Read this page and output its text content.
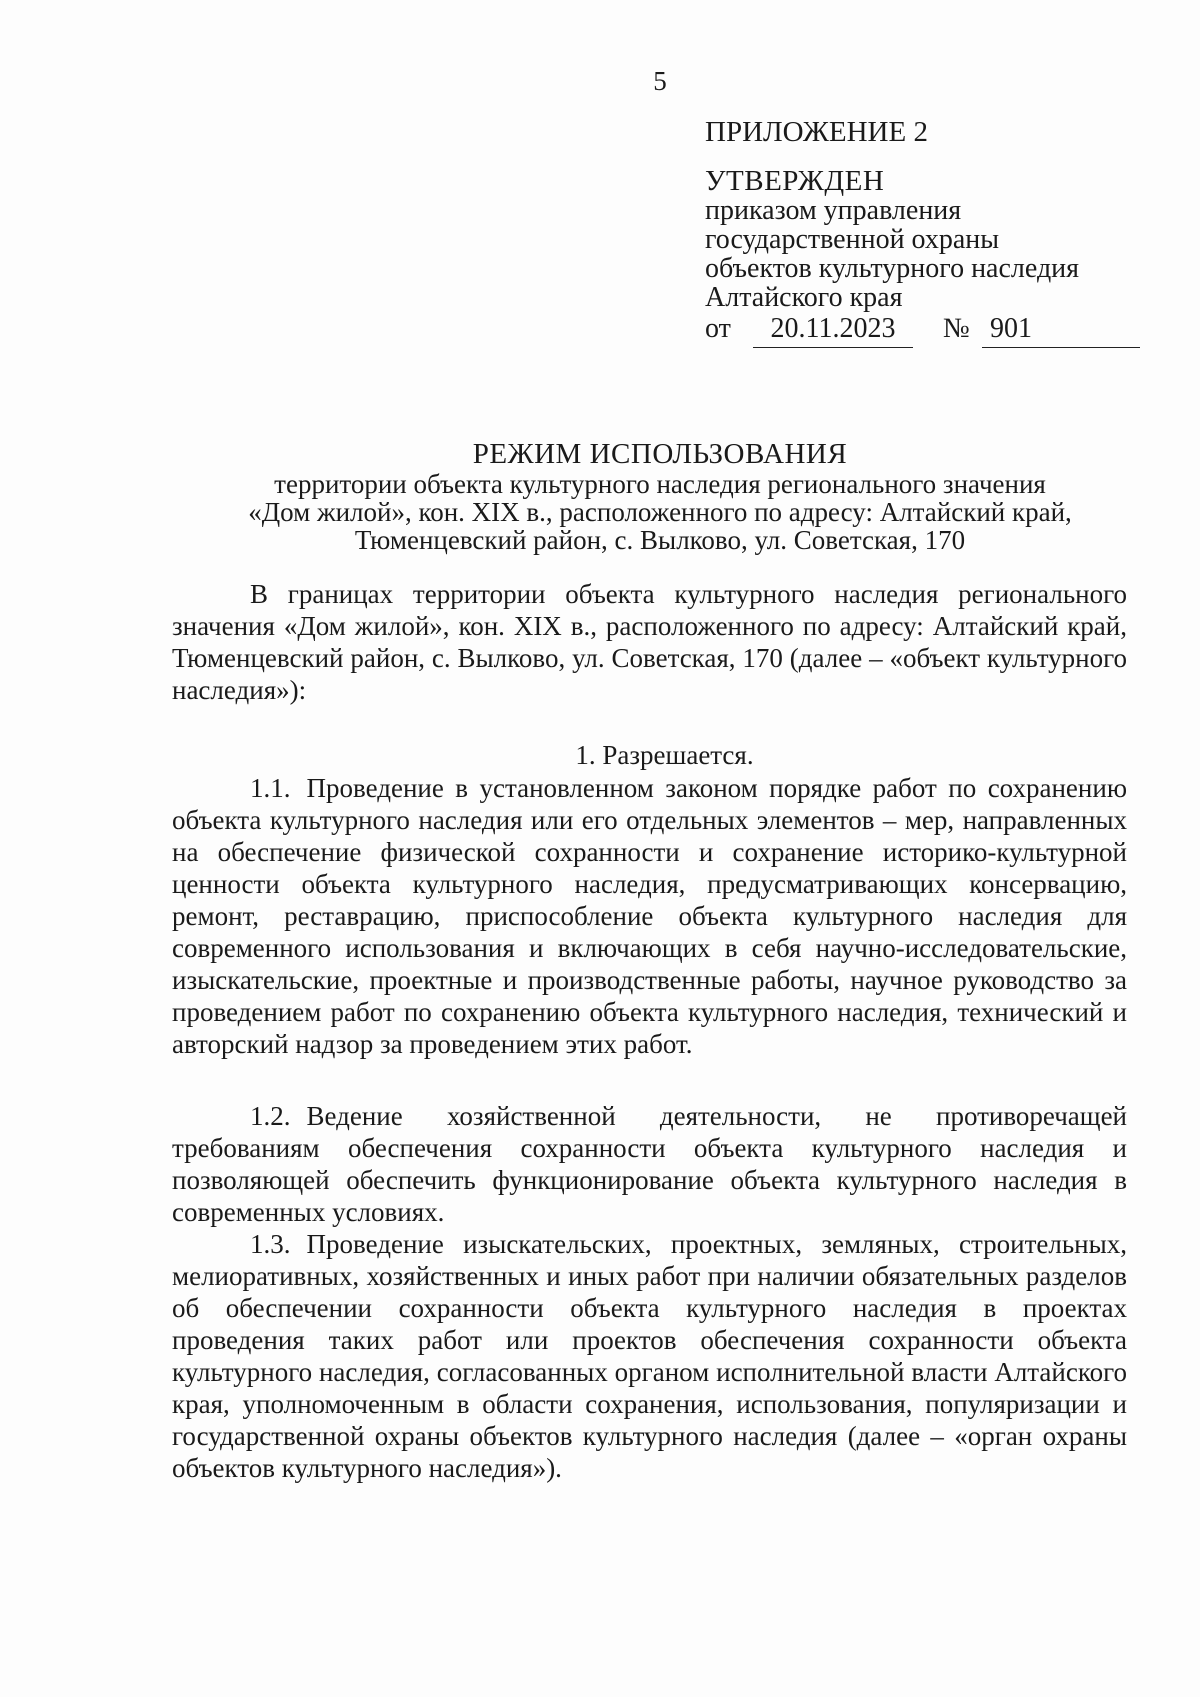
5
ПРИЛОЖЕНИЕ 2
УТВЕРЖДЕН
приказом управления
государственной охраны
объектов культурного наследия
Алтайского края
от	20.11.2023	№ 901
РЕЖИМ ИСПОЛЬЗОВАНИЯ
территории объекта культурного наследия регионального значения
«Дом жилой», кон. XIX в., расположенного по адресу: Алтайский край,
Тюменцевский район, с. Вылково, ул. Советская, 170
В границах территории объекта культурного наследия регионального значения «Дом жилой», кон. XIX в., расположенного по адресу: Алтайский край, Тюменцевский район, с. Вылково, ул. Советская, 170 (далее – «объект культурного наследия»):
1. Разрешается.
1.1. Проведение в установленном законом порядке работ по сохранению объекта культурного наследия или его отдельных элементов – мер, направленных на обеспечение физической сохранности и сохранение историко-культурной ценности объекта культурного наследия, предусматривающих консервацию, ремонт, реставрацию, приспособление объекта культурного наследия для современного использования и включающих в себя научно-исследовательские, изыскательские, проектные и производственные работы, научное руководство за проведением работ по сохранению объекта культурного наследия, технический и авторский надзор за проведением этих работ.
1.2. Ведение хозяйственной деятельности, не противоречащей требованиям обеспечения сохранности объекта культурного наследия и позволяющей обеспечить функционирование объекта культурного наследия в современных условиях.
1.3. Проведение изыскательских, проектных, земляных, строительных, мелиоративных, хозяйственных и иных работ при наличии обязательных разделов об обеспечении сохранности объекта культурного наследия в проектах проведения таких работ или проектов обеспечения сохранности объекта культурного наследия, согласованных органом исполнительной власти Алтайского края, уполномоченным в области сохранения, использования, популяризации и государственной охраны объектов культурного наследия (далее – «орган охраны объектов культурного наследия»).
